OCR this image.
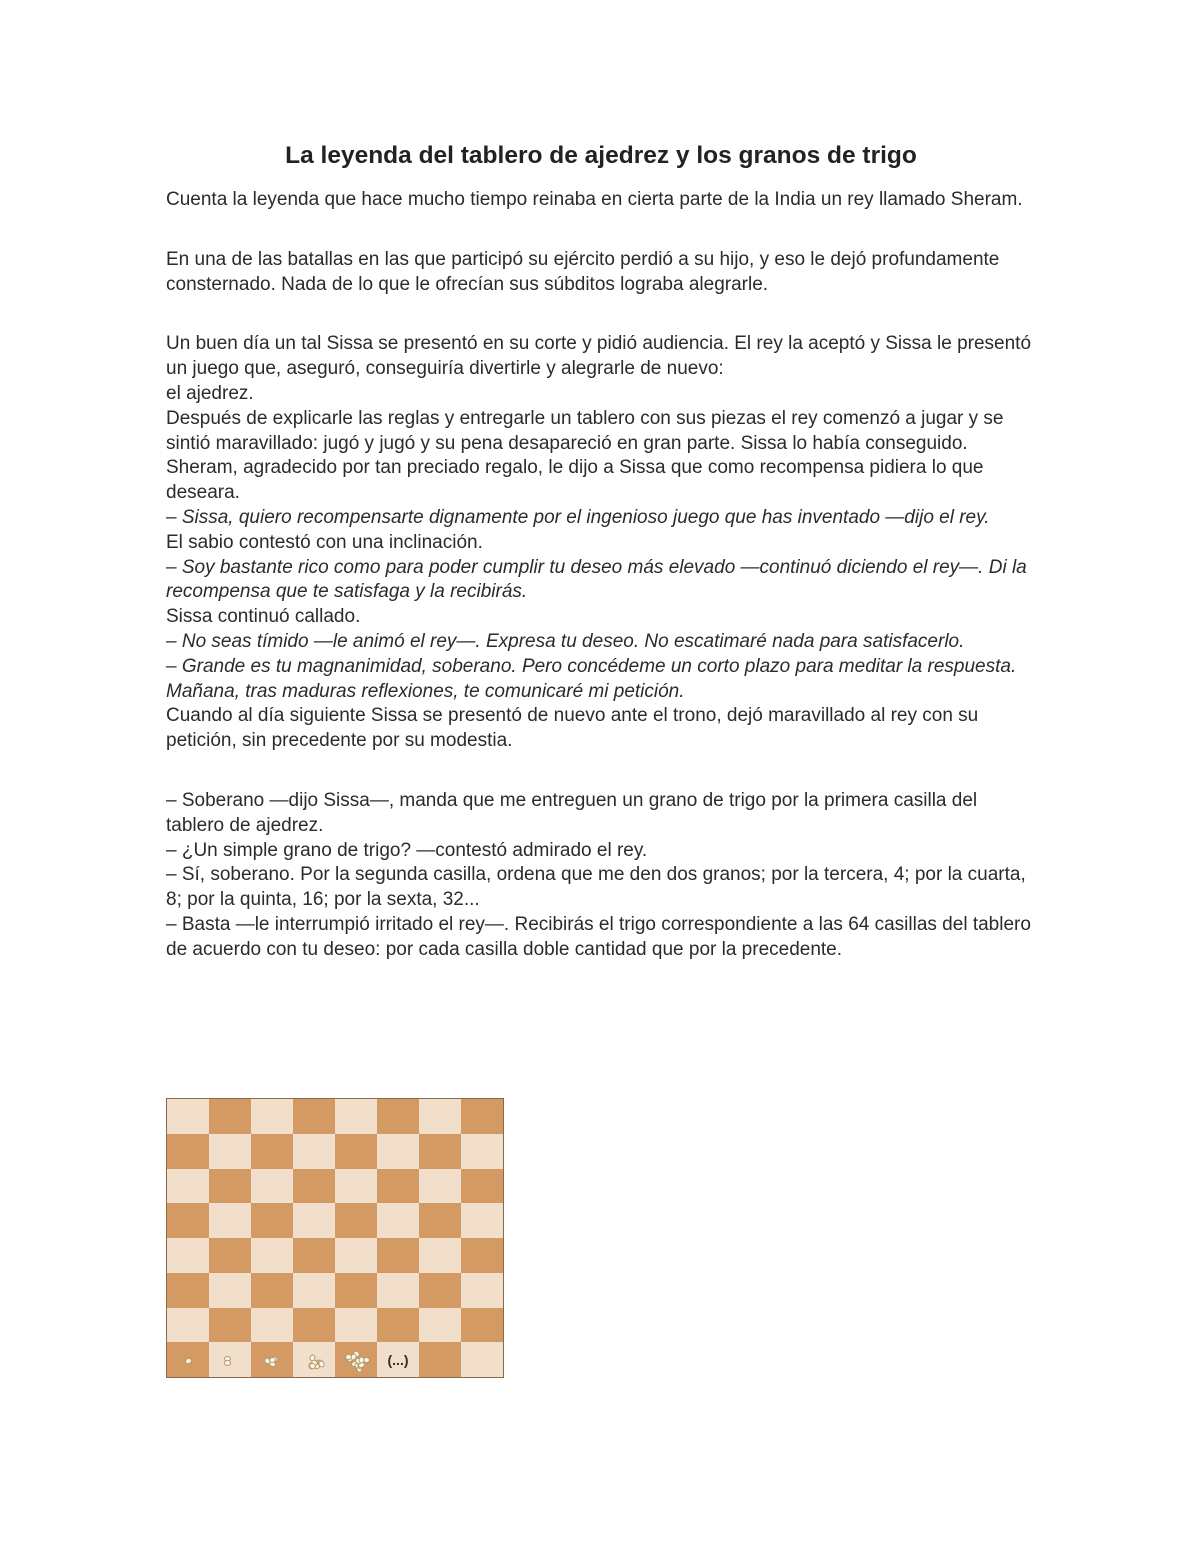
La leyenda del tablero de ajedrez y los granos de trigo

Cuenta la leyenda que hace mucho tiempo reinaba en cierta parte de la India un rey llamado Sheram.

En una de las batallas en las que participó su ejército perdió a su hijo, y eso le dejó profundamente consternado. Nada de lo que le ofrecían sus súbditos lograba alegrarle.

Un buen día un tal Sissa se presentó en su corte y pidió audiencia. El rey la aceptó y Sissa le presentó un juego que, aseguró, conseguiría divertirle y alegrarle de nuevo:
el ajedrez.
Después de explicarle las reglas y entregarle un tablero con sus piezas el rey comenzó a jugar y se sintió maravillado: jugó y jugó y su pena desapareció en gran parte. Sissa lo había conseguido. Sheram, agradecido por tan preciado regalo, le dijo a Sissa que como recompensa pidiera lo que deseara.
– Sissa, quiero recompensarte dignamente por el ingenioso juego que has inventado —dijo el rey.
El sabio contestó con una inclinación.
– Soy bastante rico como para poder cumplir tu deseo más elevado —continuó diciendo el rey—. Di la recompensa que te satisfaga y la recibirás.
Sissa continuó callado.
– No seas tímido —le animó el rey—. Expresa tu deseo. No escatimaré nada para satisfacerlo.
– Grande es tu magnanimidad, soberano. Pero concédeme un corto plazo para meditar la respuesta. Mañana, tras maduras reflexiones, te comunicaré mi petición.
Cuando al día siguiente Sissa se presentó de nuevo ante el trono, dejó maravillado al rey con su petición, sin precedente por su modestia.

– Soberano —dijo Sissa—, manda que me entreguen un grano de trigo por la primera casilla del tablero de ajedrez.
– ¿Un simple grano de trigo? —contestó admirado el rey.
– Sí, soberano. Por la segunda casilla, ordena que me den dos granos; por la tercera, 4; por la cuarta, 8; por la quinta, 16; por la sexta, 32...
– Basta —le interrumpió irritado el rey—. Recibirás el trigo correspondiente a las 64 casillas del tablero de acuerdo con tu deseo: por cada casilla doble cantidad que por la precedente.

(...)
